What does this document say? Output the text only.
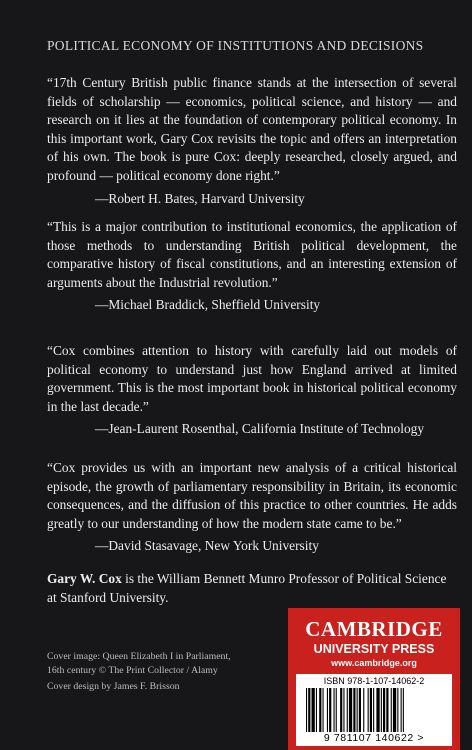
POLITICAL ECONOMY OF INSTITUTIONS AND DECISIONS

“17th Century British public finance stands at the intersection of several fields of scholarship — economics, political science, and history — and research on it lies at the foundation of contemporary political economy. In this important work, Gary Cox revisits the topic and offers an interpretation of his own. The book is pure Cox: deeply researched, closely argued, and profound — political economy done right.”

—Robert H. Bates, Harvard University

“This is a major contribution to institutional economics, the application of those methods to understanding British political development, the comparative history of fiscal constitutions, and an interesting extension of arguments about the Industrial revolution.”

—Michael Braddick, Sheffield University

“Cox combines attention to history with carefully laid out models of political economy to understand just how England arrived at limited government. This is the most important book in historical political economy in the last decade.”

—Jean-Laurent Rosenthal, California Institute of Technology

“Cox provides us with an important new analysis of a critical historical episode, the growth of parliamentary responsibility in Britain, its economic consequences, and the diffusion of this practice to other countries. He adds greatly to our understanding of how the modern state came to be.”

—David Stasavage, New York University

Gary W. Cox is the William Bennett Munro Professor of Political Science at Stanford University.
Cover image: Queen Elizabeth I in Parliament, 16th century © The Print Collector / Alamy
Cover design by James F. Brisson
CAMBRIDGE
UNIVERSITY PRESS
www.cambridge.org
ISBN 978-1-107-14062-2
9 781107 140622 >
